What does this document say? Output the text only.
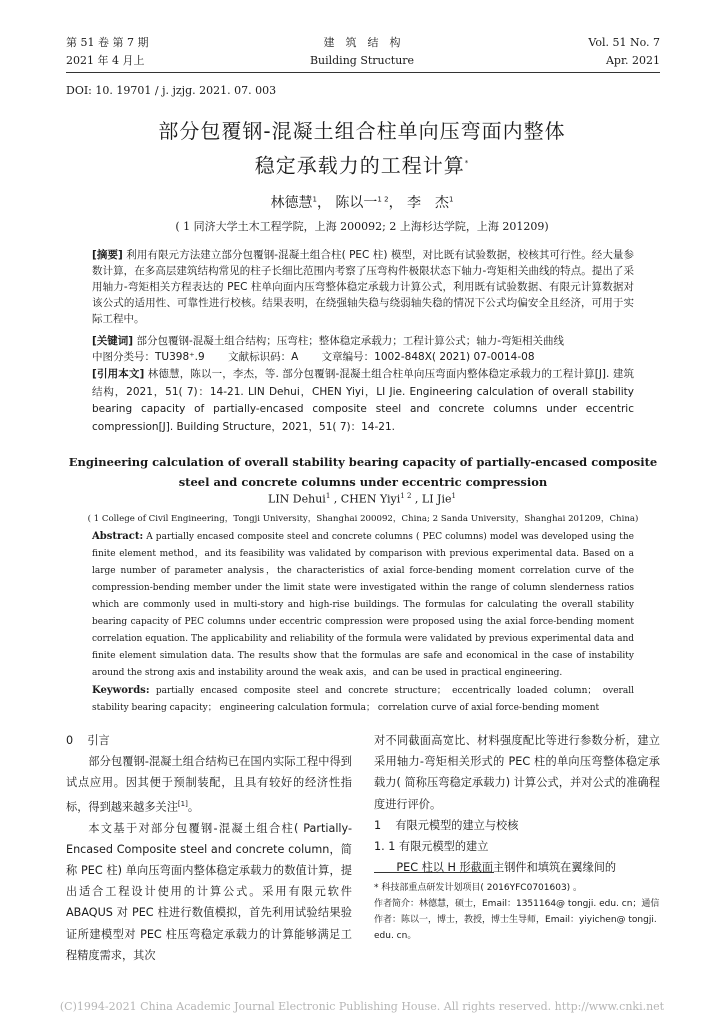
第 51 卷 第 7 期
2021 年 4 月上
建　筑　结　构
Building Structure
Vol. 51 No. 7
Apr. 2021
DOI: 10. 19701 / j. jzjg. 2021. 07. 003
部分包覆钢-混凝土组合柱单向压弯面内整体
稳定承载力的工程计算*
林德慧$^1$， 陈以一$^{1 2}$， 李　杰$^1$
( 1 同济大学土木工程学院，上海 200092; 2 上海杉达学院，上海 201209)
[摘要] 利用有限元方法建立部分包覆钢-混凝土组合柱( PEC 柱) 模型，对比既有试验数据，校核其可行性。经大量参数计算，在多高层建筑结构常见的柱子长细比范围内考察了压弯构件极限状态下轴力-弯矩相关曲线的特点。提出了采用轴力-弯矩相关方程表达的 PEC 柱单向面内压弯整体稳定承载力计算公式，利用既有试验数据、有限元计算数据对该公式的适用性、可靠性进行校核。结果表明，在绕强轴失稳与绕弱轴失稳的情况下公式均偏安全且经济，可用于实际工程中。
[关键词] 部分包覆钢-混凝土组合结构；压弯柱；整体稳定承载力；工程计算公式；轴力-弯矩相关曲线
中图分类号：TU398⁺.9 文献标识码：A 文章编号：1002-848X( 2021) 07-0014-08
[引用本文] 林德慧，陈以一，李杰，等. 部分包覆钢-混凝土组合柱单向压弯面内整体稳定承载力的工程计算[J]. 建筑结构，2021，51( 7)：14-21. LIN Dehui，CHEN Yiyi，LI Jie. Engineering calculation of overall stability bearing capacity of partially-encased composite steel and concrete columns under eccentric compression[J]. Building Structure，2021，51( 7)：14-21.
Engineering calculation of overall stability bearing capacity of partially-encased composite
steel and concrete columns under eccentric compression
LIN Dehui$^1$ , CHEN Yiyi$^{1 2}$ , LI Jie$^1$
( 1 College of Civil Engineering，Tongji University，Shanghai 200092，China; 2 Sanda University，Shanghai 201209，China)
Abstract: A partially encased composite steel and concrete columns ( PEC columns) model was developed using the finite element method，and its feasibility was validated by comparison with previous experimental data. Based on a large number of parameter analysis，the characteristics of axial force-bending moment correlation curve of the compression-bending member under the limit state were investigated within the range of column slenderness ratios which are commonly used in multi-story and high-rise buildings. The formulas for calculating the overall stability bearing capacity of PEC columns under eccentric compression were proposed using the axial force-bending moment correlation equation. The applicability and reliability of the formula were validated by previous experimental data and finite element simulation data. The results show that the formulas are safe and economical in the case of instability around the strong axis and instability around the weak axis，and can be used in practical engineering.
Keywords: partially encased composite steel and concrete structure； eccentrically loaded column； overall stability bearing capacity； engineering calculation formula； correlation curve of axial force-bending moment
0 引言
部分包覆钢-混凝土组合结构已在国内实际工程中得到试点应用。因其便于预制装配，且具有较好的经济性指标，得到越来越多关注[1]。
本文基于对部分包覆钢-混凝土组合柱( Partially-Encased Composite steel and concrete column，简称 PEC 柱) 单向压弯面内整体稳定承载力的数值计算，提出适合工程设计使用的计算公式。采用有限元软件 ABAQUS 对 PEC 柱进行数值模拟，首先利用试验结果验证所建模型对 PEC 柱压弯稳定承载力的计算能够满足工程精度需求，其次
对不同截面高宽比、材料强度配比等进行参数分析，建立采用轴力-弯矩相关形式的 PEC 柱的单向压弯整体稳定承载力( 简称压弯稳定承载力) 计算公式，并对公式的准确程度进行评价。
1 有限元模型的建立与校核
1. 1 有限元模型的建立
PEC 柱以 H 形截面主钢件和填筑在翼缘间的
* 科技部重点研发计划项目( 2016YFC0701603) 。
作者简介：林德慧，硕士，Email：1351164@ tongji. edu. cn；通信作者：陈以一，博士，教授，博士生导师，Email：yiyichen@ tongji. edu. cn。
(C)1994-2021 China Academic Journal Electronic Publishing House. All rights reserved. http://www.cnki.net
